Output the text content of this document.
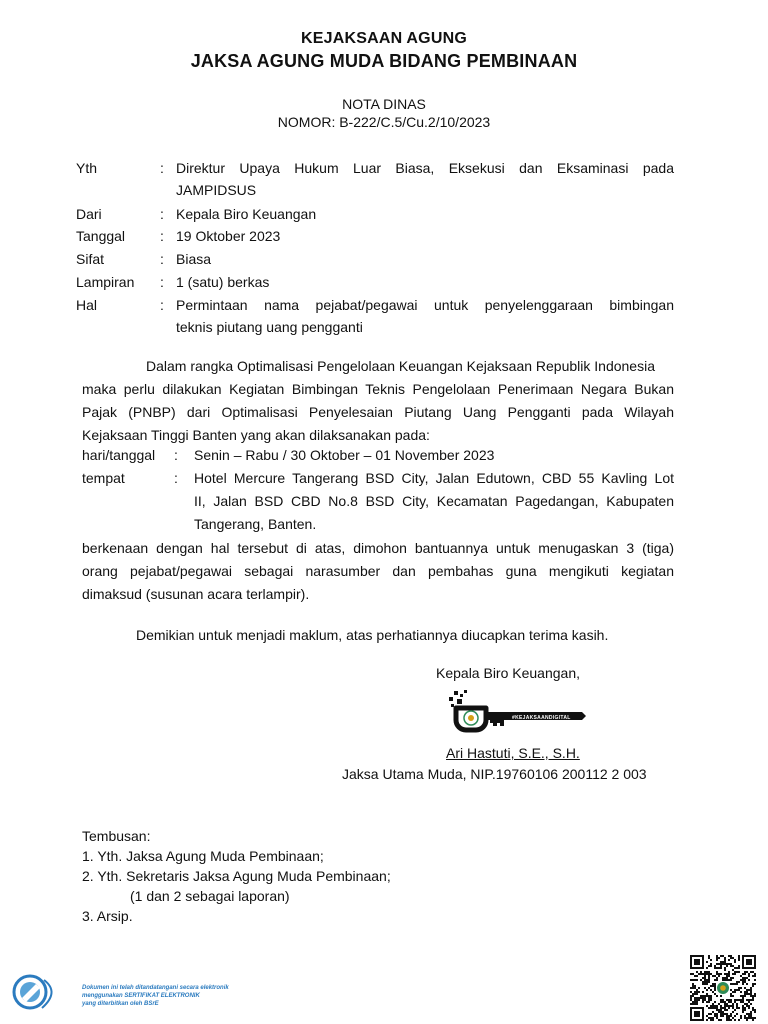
KEJAKSAAN AGUNG
JAKSA AGUNG MUDA BIDANG PEMBINAAN
NOTA DINAS
NOMOR: B-222/C.5/Cu.2/10/2023
Yth	: Direktur Upaya Hukum Luar Biasa, Eksekusi dan Eksaminasi pada
JAMPIDSUS
Dari	: Kepala Biro Keuangan
Tanggal : 19 Oktober 2023
Sifat	: Biasa
Lampiran : 1 (satu) berkas
Hal	: Permintaan nama pejabat/pegawai untuk penyelenggaraan bimbingan
teknis piutang uang pengganti
Dalam rangka Optimalisasi Pengelolaan Keuangan Kejaksaan Republik Indonesia
maka perlu dilakukan Kegiatan Bimbingan Teknis Pengelolaan Penerimaan Negara Bukan
Pajak (PNBP) dari Optimalisasi Penyelesaian Piutang Uang Pengganti pada Wilayah
Kejaksaan Tinggi Banten yang akan dilaksanakan pada:
hari/tanggal : Senin – Rabu / 30 Oktober – 01 November 2023
tempat	: Hotel Mercure Tangerang BSD City, Jalan Edutown, CBD 55 Kavling Lot
II, Jalan BSD CBD No.8 BSD City, Kecamatan Pagedangan, Kabupaten
Tangerang, Banten.
berkenaan dengan hal tersebut di atas, dimohon bantuannya untuk menugaskan 3 (tiga)
orang pejabat/pegawai sebagai narasumber dan pembahas guna mengikuti kegiatan
dimaksud (susunan acara terlampir).
Demikian untuk menjadi maklum, atas perhatiannya diucapkan terima kasih.
Kepala Biro Keuangan,
#KEJAKSAANDIGITAL
Ari Hastuti, S.E., S.H.
Jaksa Utama Muda, NIP.19760106 200112 2 003
Tembusan:
1. Yth. Jaksa Agung Muda Pembinaan;
2. Yth. Sekretaris Jaksa Agung Muda Pembinaan;
(1 dan 2 sebagai laporan)
3. Arsip.
Dokumen ini telah ditandatangani secara elektronik
menggunakan SERTIFIKAT ELEKTRONIK
yang diterbitkan oleh BSrE
